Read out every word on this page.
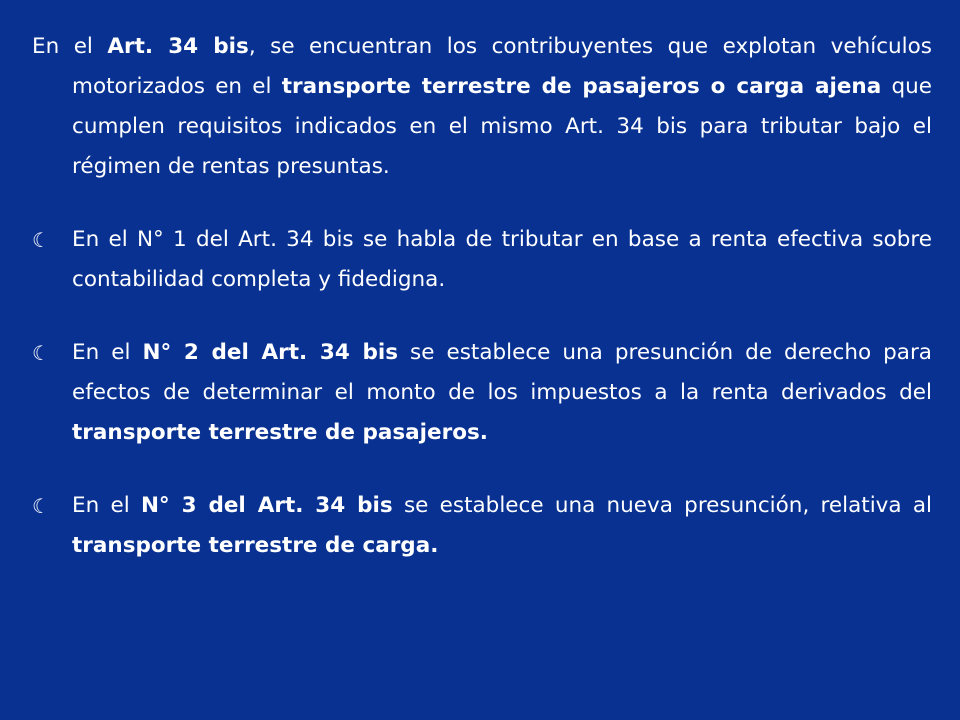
En el Art. 34 bis, se encuentran los contribuyentes que explotan vehículos motorizados en el transporte terrestre de pasajeros o carga ajena que cumplen requisitos indicados en el mismo Art. 34 bis para tributar bajo el régimen de rentas presuntas.

☾	En el N° 1 del Art. 34 bis se habla de tributar en base a renta efectiva sobre contabilidad completa y fidedigna.

☾	En el N° 2 del Art. 34 bis se establece una presunción de derecho para efectos de determinar el monto de los impuestos a la renta derivados del transporte terrestre de pasajeros.

☾	En el N° 3 del Art. 34 bis se establece una nueva presunción, relativa al transporte terrestre de carga.
